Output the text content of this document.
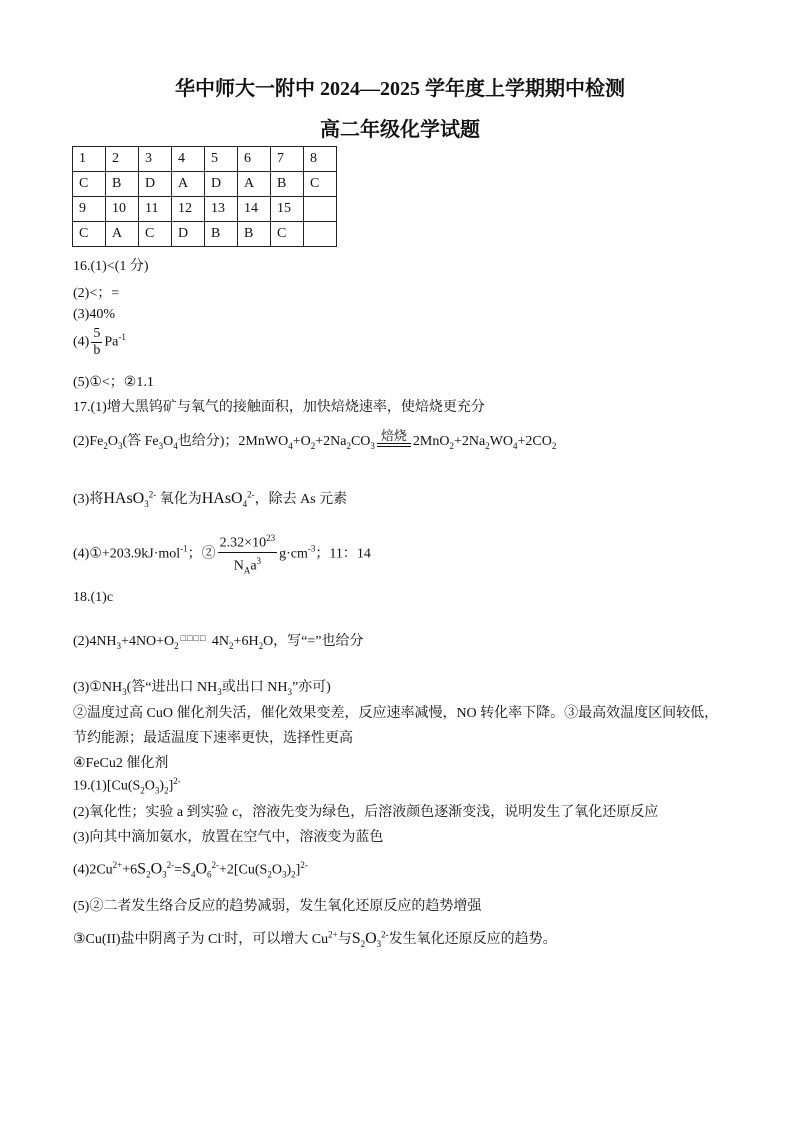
华中师大一附中 2024—2025 学年度上学期期中检测
高二年级化学试题
1	2	3	4	5	6	7	8
C	B	D	A	D	A	B	C
9	10	11	12	13	14	15	
C	A	C	D	B	B	C	
16.(1)<(1 分)
(2)<；=
(3)40%
$(4) \frac{5}{b} Pa^{-1}$
(5)①<；②1.1
17.(1)增大黑钨矿与氧气的接触面积，加快焙烧速率，使焙烧更充分
$(2)Fe_2O_3$(答 $Fe_3O_4$也给分)；$2MnWO_4+O_2+2Na_2CO_3$
焙烧 $2MnO_2+2Na_2WO_4+2CO_2$
(3)将HAsO$_3^{2-}$ 氧化为HAsO$_4^{2-}$，除去 As 元素
(4)①+203.9kJ·mol$^{-1}$；② $\frac{2.32\times 10^{23}}{N_Aa^3} g\cdot cm^{-3}$；11：14
18.(1)c
$(2)4NH_3+4NO+O_2$
□□□□ $4N_2+6H_2O$，写“=”也给分
$(3)①NH_3$(答“进出口 $NH_3$或出口 $NH_3$”亦可)
②温度过高 CuO 催化剂失活，催化效果变差，反应速率减慢，NO 转化率下降。③最高效温度区间较低，
节约能源；最适温度下速率更快，选择性更高
④FeCu2 催化剂
$19.(1)[Cu(S_2O_3)_2]^{2-}$
(2)氧化性；实验 a 到实验 c，溶液先变为绿色，后溶液颜色逐渐变浅，说明发生了氧化还原反应
(3)向其中滴加氨水，放置在空气中，溶液变为蓝色
$(4)2Cu^{2+}+6S_2O_3^{2-}=S_4O_6^{2-}+2[Cu(S_2O_3)_2]^{2-}$
(5)②二者发生络合反应的趋势减弱，发生氧化还原反应的趋势增强
③Cu(II)盐中阴离子为 Cl-时，可以增大 $Cu^{2+}$与$S_2O_3^{2-}$发生氧化还原反应的趋势。
